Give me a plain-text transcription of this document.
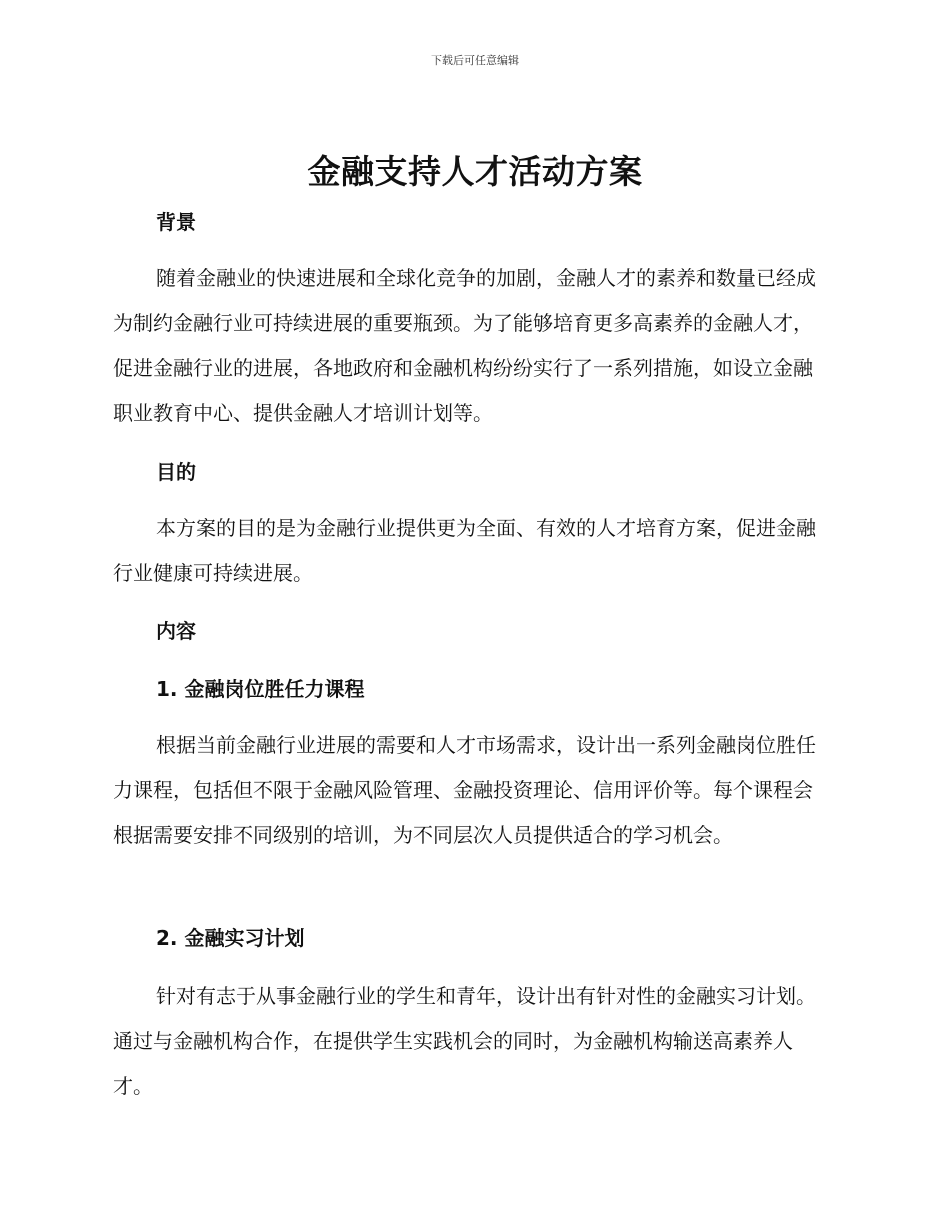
下载后可任意编辑
金融支持人才活动方案
背景
随着金融业的快速进展和全球化竞争的加剧，金融人才的素养和数量已经成为制约金融行业可持续进展的重要瓶颈。为了能够培育更多高素养的金融人才，促进金融行业的进展，各地政府和金融机构纷纷实行了一系列措施，如设立金融职业教育中心、提供金融人才培训计划等。
目的
本方案的目的是为金融行业提供更为全面、有效的人才培育方案，促进金融行业健康可持续进展。
内容
1. 金融岗位胜任力课程
根据当前金融行业进展的需要和人才市场需求，设计出一系列金融岗位胜任力课程，包括但不限于金融风险管理、金融投资理论、信用评价等。每个课程会根据需要安排不同级别的培训，为不同层次人员提供适合的学习机会。
2. 金融实习计划
针对有志于从事金融行业的学生和青年，设计出有针对性的金融实习计划。通过与金融机构合作，在提供学生实践机会的同时，为金融机构输送高素养人才。
